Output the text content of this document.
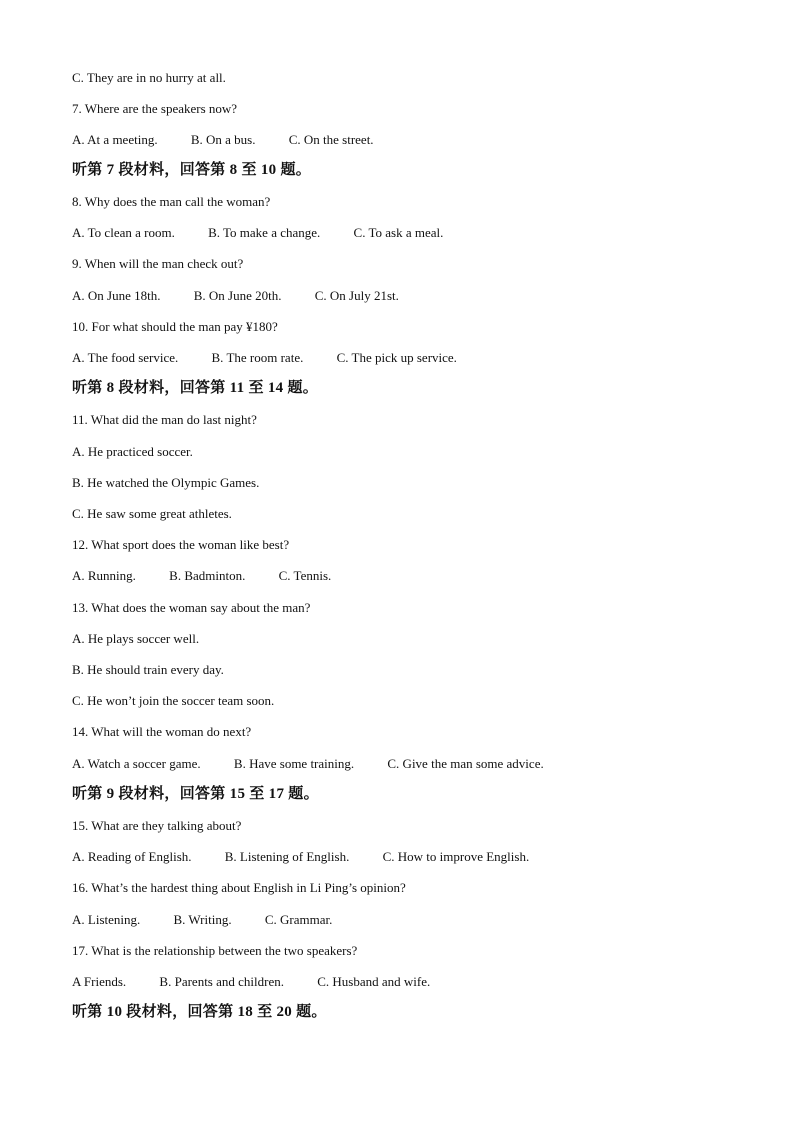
C. They are in no hurry at all.
7. Where are the speakers now?
A. At a meeting.	B. On a bus.	C. On the street.
听第 7 段材料，回答第 8 至 10 题。
8. Why does the man call the woman?
A. To clean a room.	B. To make a change.	C. To ask a meal.
9. When will the man check out?
A. On June 18th.	B. On June 20th.	C. On July 21st.
10. For what should the man pay ¥180?
A. The food service.	B. The room rate.	C. The pick up service.
听第 8 段材料，回答第 11 至 14 题。
11. What did the man do last night?
A. He practiced soccer.
B. He watched the Olympic Games.
C. He saw some great athletes.
12. What sport does the woman like best?
A. Running.	B. Badminton.	C. Tennis.
13. What does the woman say about the man?
A. He plays soccer well.
B. He should train every day.
C. He won’t join the soccer team soon.
14. What will the woman do next?
A. Watch a soccer game.	B. Have some training.	C. Give the man some advice.
听第 9 段材料，回答第 15 至 17 题。
15. What are they talking about?
A. Reading of English.	B. Listening of English.	C. How to improve English.
16. What’s the hardest thing about English in Li Ping’s opinion?
A. Listening.	B. Writing.	C. Grammar.
17. What is the relationship between the two speakers?
A Friends.	B. Parents and children.	C. Husband and wife.
听第 10 段材料，回答第 18 至 20 题。
